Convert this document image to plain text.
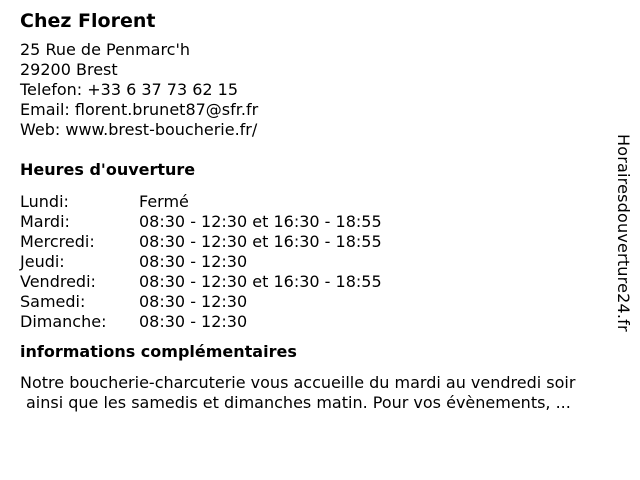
Chez Florent
25 Rue de Penmarc'h
29200 Brest
Telefon: +33 6 37 73 62 15
Email: florent.brunet87@sfr.fr
Web: www.brest-boucherie.fr/
Heures d'ouverture
Lundi:	Fermé
Mardi:	08:30 - 12:30 et 16:30 - 18:55
Mercredi:	08:30 - 12:30 et 16:30 - 18:55
Jeudi:	08:30 - 12:30
Vendredi:	08:30 - 12:30 et 16:30 - 18:55
Samedi:	08:30 - 12:30
Dimanche: 08:30 - 12:30
informations complémentaires
Notre boucherie-charcuterie vous accueille du mardi au vendredi soir
ainsi que les samedis et dimanches matin. Pour vos évènements, ...
Horairesdouverture24.fr
